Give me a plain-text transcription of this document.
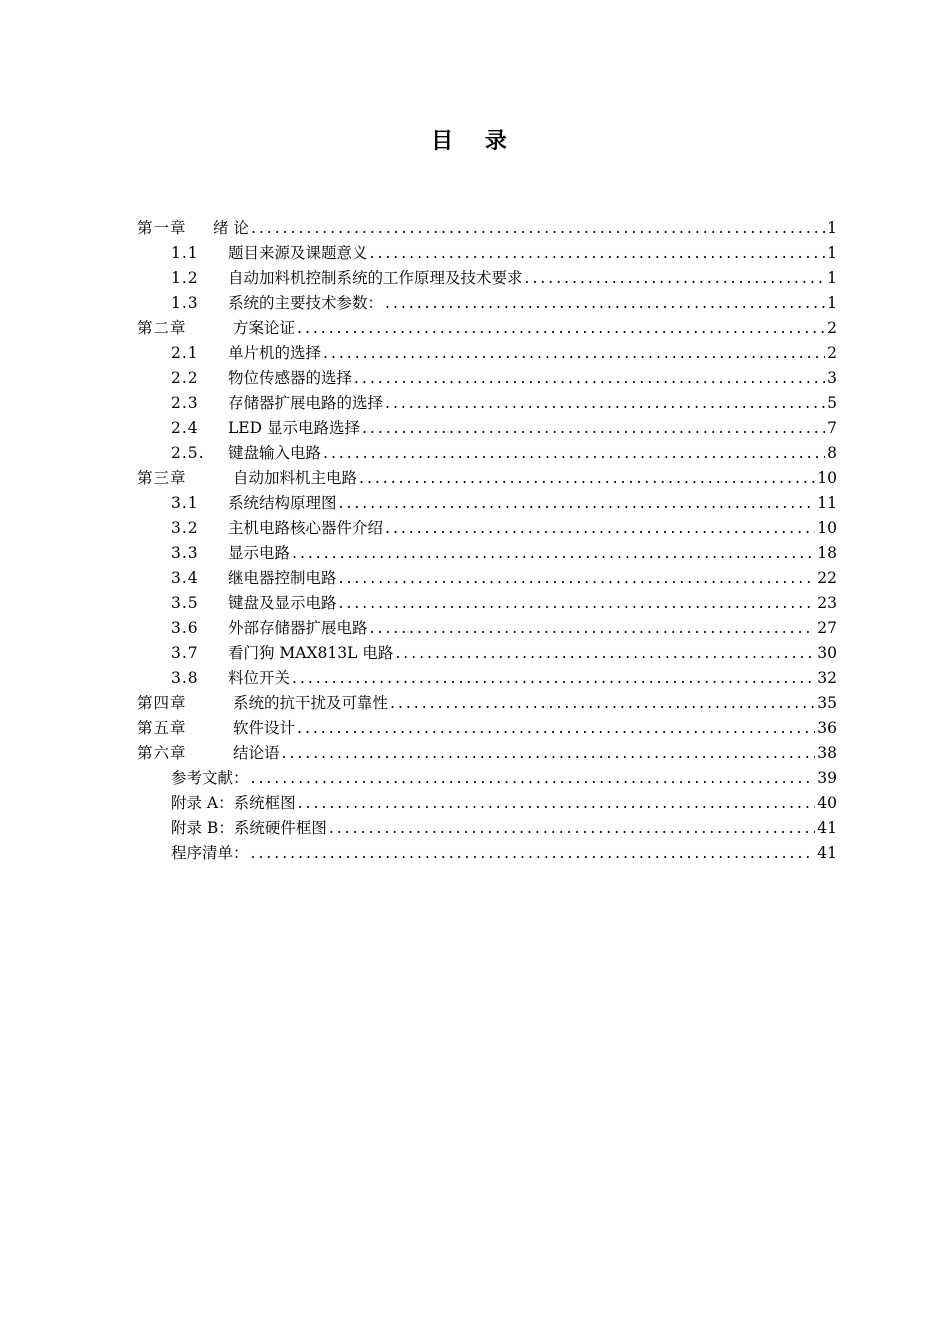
目 录
第一章	绪 论 .....	1
1.1	题目来源及课题意义 .....	1
1.2	自动加料机控制系统的工作原理及技术要求 .....	1
1.3	系统的主要技术参数： .....	1
第二章	方案论证 .....	2
2.1	单片机的选择 .....	2
2.2	物位传感器的选择 .....	3
2.3	存储器扩展电路的选择 .....	5
2.4	LED 显示电路选择 .....	7
2.5.	键盘输入电路 .....	8
第三章	自动加料机主电路 .....	10
3.1	系统结构原理图 .....	11
3.2	主机电路核心器件介绍 .....	10
3.3	显示电路 .....	18
3.4	继电器控制电路 .....	22
3.5	键盘及显示电路 .....	23
3.6	外部存储器扩展电路 .....	27
3.7	看门狗 MAX813L 电路 .....	30
3.8	料位开关 .....	32
第四章	系统的抗干扰及可靠性 .....	35
第五章	软件设计 .....	36
第六章	结论语 .....	38
参考文献： .....	39
附录 A：系统框图 .....	40
附录 B：系统硬件框图 .....	41
程序清单： .....	41
